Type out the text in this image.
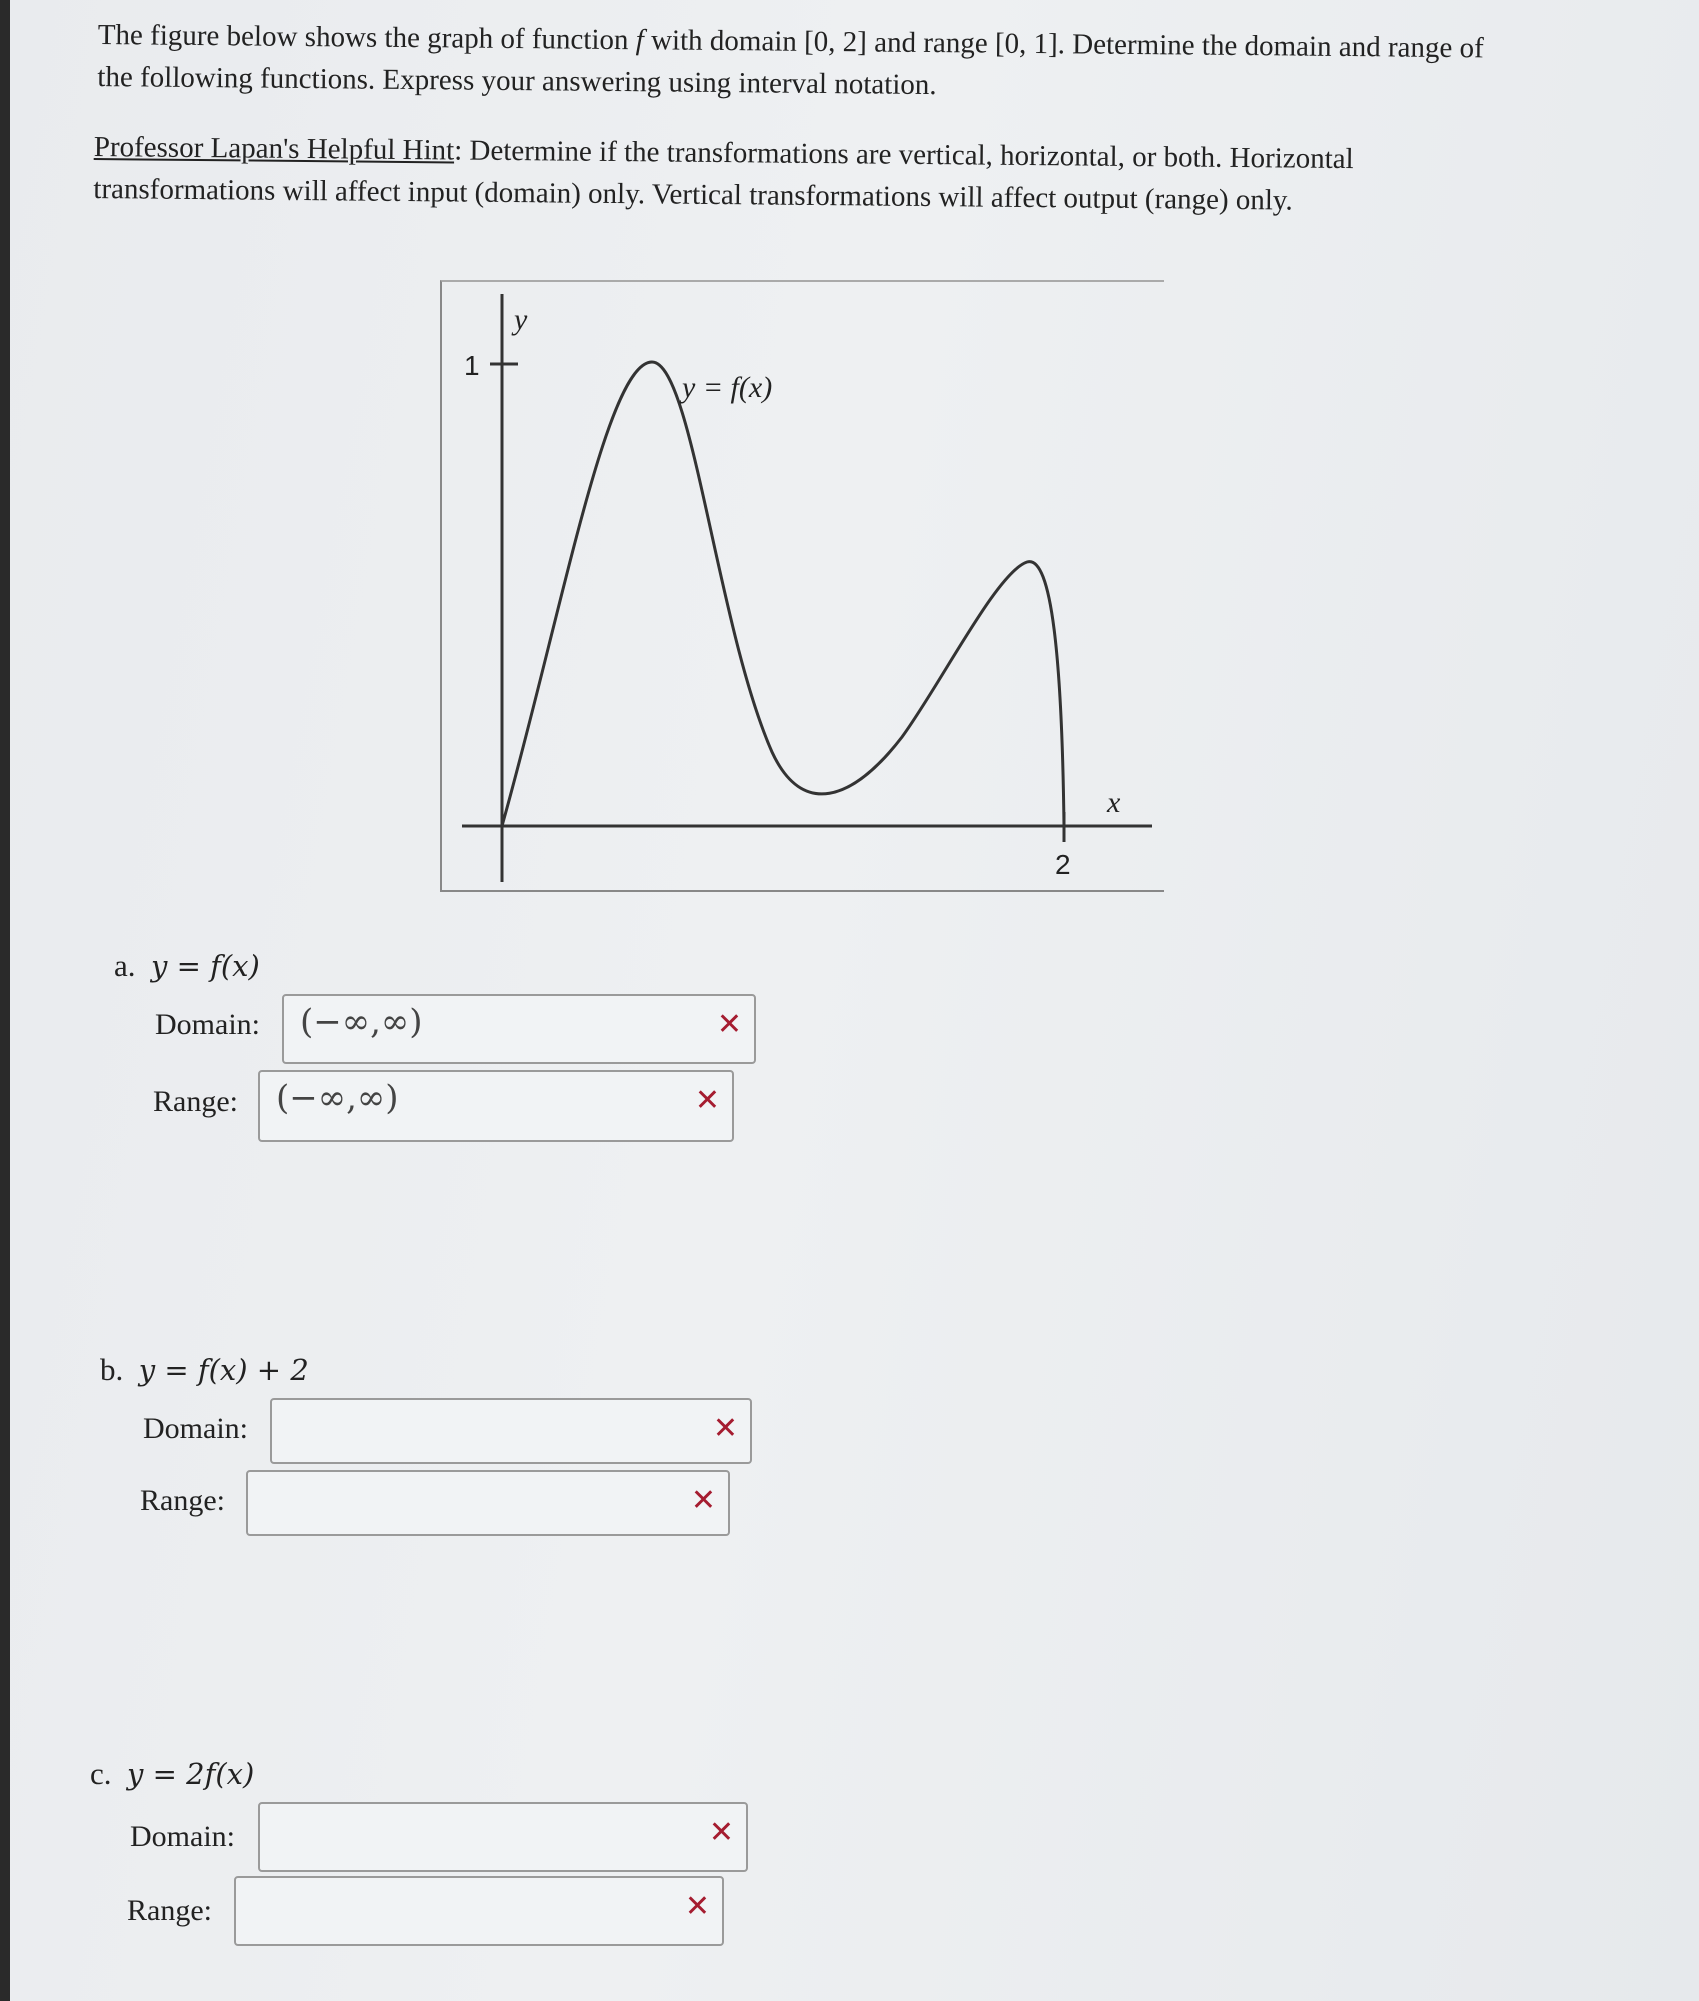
The figure below shows the graph of function f with domain [0, 2] and range [0, 1]. Determine the domain and range of the following functions. Express your answering using interval notation.
Professor Lapan's Helpful Hint: Determine if the transformations are vertical, horizontal, or both. Horizontal transformations will affect input (domain) only. Vertical transformations will affect output (range) only.
y
x
1
2
y = f(x)
a. y = f(x)
Domain: (−∞,∞)	✕
Range: (−∞,∞)	✕
b. y = f(x) + 2
Domain:	✕
Range:	✕
c. y = 2f(x)
Domain:	✕
Range:	✕
